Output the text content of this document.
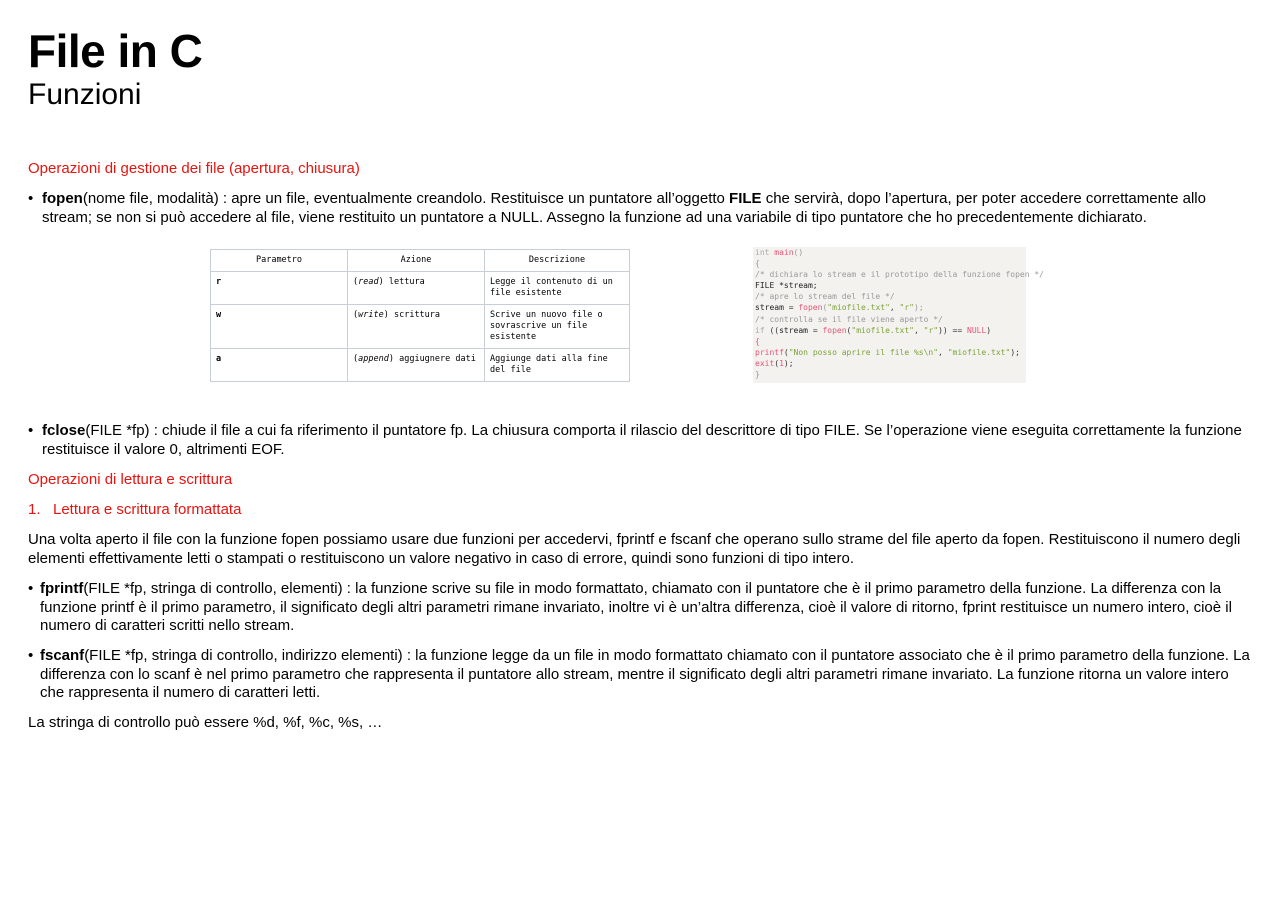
File in C
Funzioni
Operazioni di gestione dei file (apertura, chiusura)
• fopen(nome file, modalità) : apre un file, eventualmente creandolo. Restituisce un puntatore all’oggetto FILE che servirà, dopo l’apertura, per poter accedere correttamente allo stream; se non si può accedere al file, viene restituito un puntatore a NULL. Assegno la funzione ad una variabile di tipo puntatore che ho precedentemente dichiarato.
Parametro	Azione	Descrizione
r	(read) lettura	Legge il contenuto di un file esistente
w	(write) scrittura	Scrive un nuovo file o sovrascrive un file esistente
a	(append) aggiugnere dati	Aggiunge dati alla fine del file
int main()
{
/* dichiara lo stream e il prototipo della funzione fopen */
FILE *stream;
/* apre lo stream del file */
stream = fopen("miofile.txt", "r");
/* controlla se il file viene aperto */
if ((stream = fopen("miofile.txt", "r")) == NULL)
{
printf("Non posso aprire il file %s\n", "miofile.txt");
exit(1);
}
• fclose(FILE *fp) : chiude il file a cui fa riferimento il puntatore fp. La chiusura comporta il rilascio del descrittore di tipo FILE. Se l’operazione viene eseguita correttamente la funzione restituisce il valore 0, altrimenti EOF.
Operazioni di lettura e scrittura
1. Lettura e scrittura formattata
Una volta aperto il file con la funzione fopen possiamo usare due funzioni per accedervi, fprintf e fscanf che operano sullo strame del file aperto da fopen. Restituiscono il numero degli elementi effettivamente letti o stampati o restituiscono un valore negativo in caso di errore, quindi sono funzioni di tipo intero.
• fprintf(FILE *fp, stringa di controllo, elementi) : la funzione scrive su file in modo formattato, chiamato con il puntatore che è il primo parametro della funzione. La differenza con la funzione printf è il primo parametro, il significato degli altri parametri rimane invariato, inoltre vi è un’altra differenza, cioè il valore di ritorno, fprint restituisce un numero intero, cioè il numero di caratteri scritti nello stream.
• fscanf(FILE *fp, stringa di controllo, indirizzo elementi) : la funzione legge da un file in modo formattato chiamato con il puntatore associato che è il primo parametro della funzione. La differenza con lo scanf è nel primo parametro che rappresenta il puntatore allo stream, mentre il significato degli altri parametri rimane invariato. La funzione ritorna un valore intero che rappresenta il numero di caratteri letti.
La stringa di controllo può essere %d, %f, %c, %s, …
